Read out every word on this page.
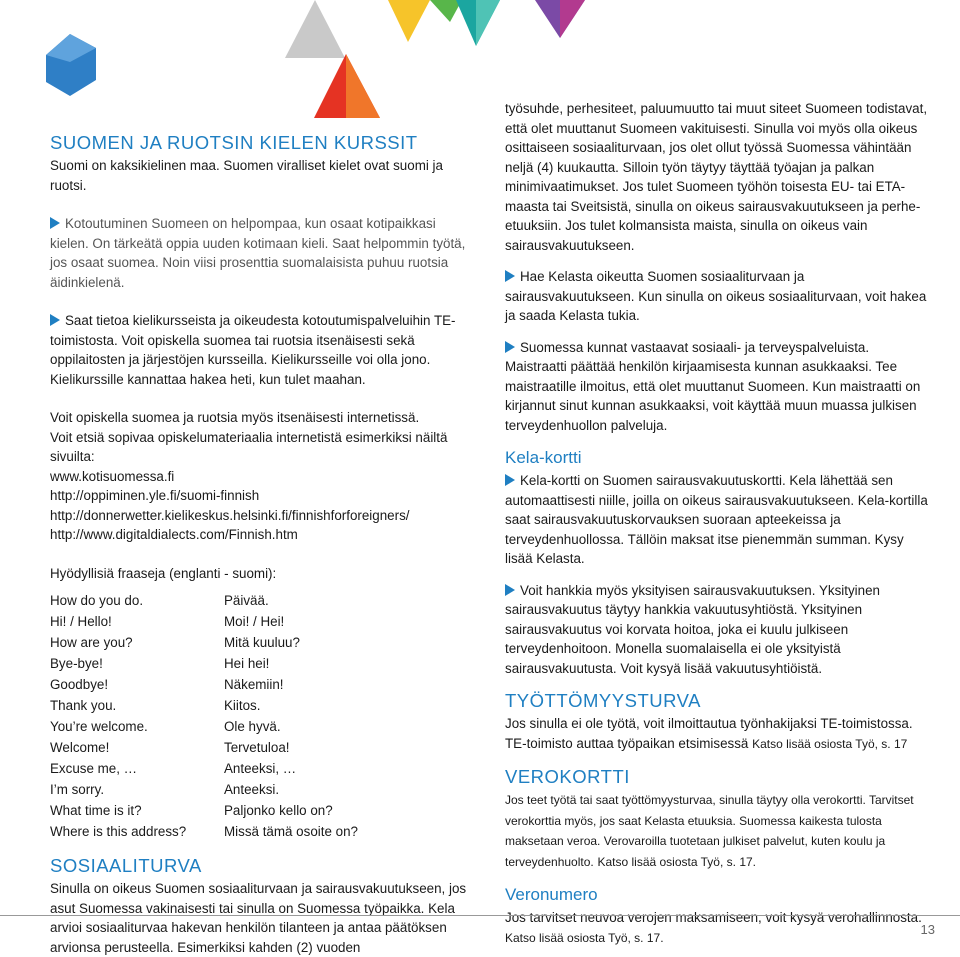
SUOMEN JA RUOTSIN KIELEN KURSSIT

Suomi on kaksikielinen maa. Suomen viralliset kielet ovat suomi ja ruotsi.

Kotoutuminen Suomeen on helpompaa, kun osaat kotipaikkasi kielen. On tärkeätä oppia uuden kotimaan kieli. Saat helpommin työtä, jos osaat suomea. Noin viisi prosenttia suomalaisista puhuu ruotsia äidinkielenä.

Saat tietoa kielikursseista ja oikeudesta kotoutumispalveluihin TE-toimistosta. Voit opiskella suomea tai ruotsia itsenäisesti sekä oppilaitosten ja järjestöjen kursseilla. Kielikursseille voi olla jono. Kielikurssille kannattaa hakea heti, kun tulet maahan.

Voit opiskella suomea ja ruotsia myös itsenäisesti internetissä.

Voit etsiä sopivaa opiskelumateriaalia internetistä esimerkiksi näiltä sivuilta:

www.kotisuomessa.fi

http://oppiminen.yle.fi/suomi-finnish

http://donnerwetter.kielikeskus.helsinki.fi/finnishforforeigners/

http://www.digitaldialects.com/Finnish.htm

Hyödyllisiä fraaseja (englanti - suomi):

How do you do.	Päivää.
Hi! / Hello!	Moi! / Hei!
How are you?	Mitä kuuluu?
Bye-bye!	Hei hei!
Goodbye!	Näkemiin!
Thank you.	Kiitos.
You’re welcome.	Ole hyvä.
Welcome!	Tervetuloa!
Excuse me, …	Anteeksi, …
I’m sorry.	Anteeksi.
What time is it?	Paljonko kello on?
Where is this address?	Missä tämä osoite on?
SOSIAALITURVA

Sinulla on oikeus Suomen sosiaaliturvaan ja sairausvakuutukseen, jos asut Suomessa vakinaisesti tai sinulla on Suomessa työpaikka. Kela arvioi sosiaaliturvaa hakevan henkilön tilanteen ja antaa päätöksen arvionsa perusteella. Esimerkiksi kahden (2) vuoden

työsuhde, perhesiteet, paluumuutto tai muut siteet Suomeen todistavat, että olet muuttanut Suomeen vakituisesti. Sinulla voi myös olla oikeus osittaiseen sosiaaliturvaan, jos olet ollut työssä Suomessa vähintään neljä (4) kuukautta. Silloin työn täytyy täyttää työajan ja palkan minimivaatimukset. Jos tulet Suomeen työhön toisesta EU- tai ETA-maasta tai Sveitsistä, sinulla on oikeus sairausvakuutukseen ja perhe-etuuksiin. Jos tulet kolmansista maista, sinulla on oikeus vain sairausvakuutukseen.

Hae Kelasta oikeutta Suomen sosiaaliturvaan ja sairausvakuutukseen. Kun sinulla on oikeus sosiaaliturvaan, voit hakea ja saada Kelasta tukia.

Suomessa kunnat vastaavat sosiaali- ja terveyspalveluista. Maistraatti päättää henkilön kirjaamisesta kunnan asukkaaksi. Tee maistraatille ilmoitus, että olet muuttanut Suomeen. Kun maistraatti on kirjannut sinut kunnan asukkaaksi, voit käyttää muun muassa julkisen terveydenhuollon palveluja.

Kela-kortti

Kela-kortti on Suomen sairausvakuutuskortti. Kela lähettää sen automaattisesti niille, joilla on oikeus sairausvakuutukseen. Kela-kortilla saat sairausvakuutuskorvauksen suoraan apteekeissa ja terveydenhuollossa. Tällöin maksat itse pienemmän summan. Kysy lisää Kelasta.

Voit hankkia myös yksityisen sairausvakuutuksen. Yksityinen sairausvakuutus täytyy hankkia vakuutusyhtiöstä. Yksityinen sairausvakuutus voi korvata hoitoa, joka ei kuulu julkiseen terveydenhoitoon. Monella suomalaisella ei ole yksityistä sairausvakuutusta. Voit kysyä lisää vakuutusyhtiöistä.

TYÖTTÖMYYSTURVA

Jos sinulla ei ole työtä, voit ilmoittautua työnhakijaksi TE-toimistossa. TE-toimisto auttaa työpaikan etsimisessä Katso lisää osiosta Työ, s. 17

VEROKORTTI

Jos teet työtä tai saat työttömyysturvaa, sinulla täytyy olla verokortti. Tarvitset verokorttia myös, jos saat Kelasta etuuksia. Suomessa kaikesta tulosta maksetaan veroa. Verovaroilla tuotetaan julkiset palvelut, kuten koulu ja terveydenhuolto. Katso lisää osiosta Työ, s. 17.

Veronumero

Jos tarvitset neuvoa verojen maksamiseen, voit kysyä verohallinnosta. Katso lisää osiosta Työ, s. 17.

13
